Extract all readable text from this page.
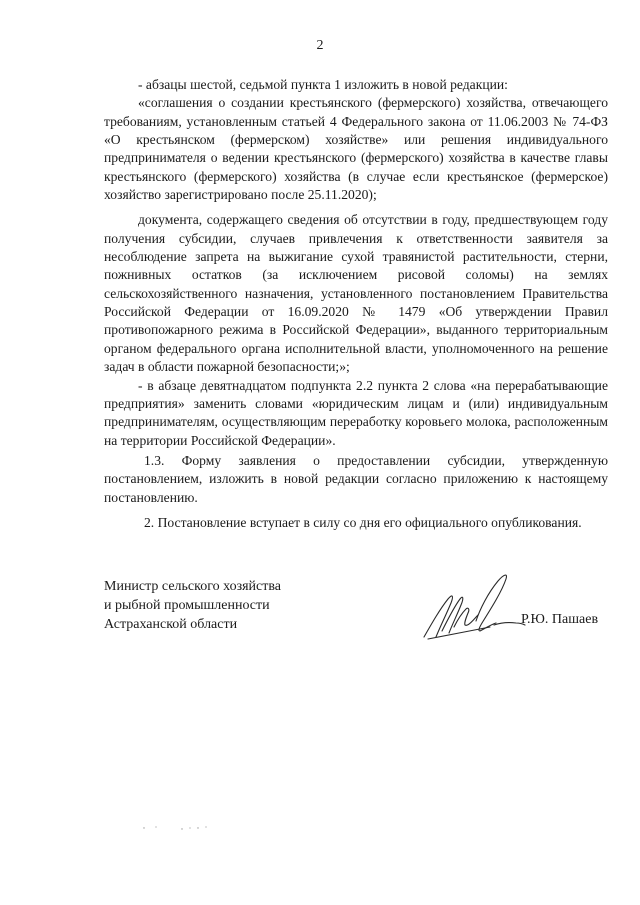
2

- абзацы шестой, седьмой пункта 1 изложить в новой редакции:

«соглашения о создании крестьянского (фермерского) хозяйства, отвечающего требованиям, установленным статьей 4 Федерального закона от 11.06.2003 № 74-ФЗ «О крестьянском (фермерском) хозяйстве» или решения индивидуального предпринимателя о ведении крестьянского (фермерского) хозяйства в качестве главы крестьянского (фермерского) хозяйства (в случае если крестьянское (фермерское) хозяйство зарегистрировано после 25.11.2020);

документа, содержащего сведения об отсутствии в году, предшествующем году получения субсидии, случаев привлечения к ответственности заявителя за несоблюдение запрета на выжигание сухой травянистой растительности, стерни, пожнивных остатков (за исключением рисовой соломы) на землях сельскохозяйственного назначения, установленного постановлением Правительства Российской Федерации от 16.09.2020 № 1479 «Об утверждении Правил противопожарного режима в Российской Федерации», выданного территориальным органом федерального органа исполнительной власти, уполномоченного на решение задач в области пожарной безопасности;»;

- в абзаце девятнадцатом подпункта 2.2 пункта 2 слова «на перерабатывающие предприятия» заменить словами «юридическим лицам и (или) индивидуальным предпринимателям, осуществляющим переработку коровьего молока, расположенным на территории Российской Федерации».

1.3. Форму заявления о предоставлении субсидии, утвержденную постановлением, изложить в новой редакции согласно приложению к настоящему постановлению.

2. Постановление вступает в силу со дня его официального опубликования.

Министр сельского хозяйства
и рыбной промышленности
Астраханской области	Р.Ю. Пашаев
